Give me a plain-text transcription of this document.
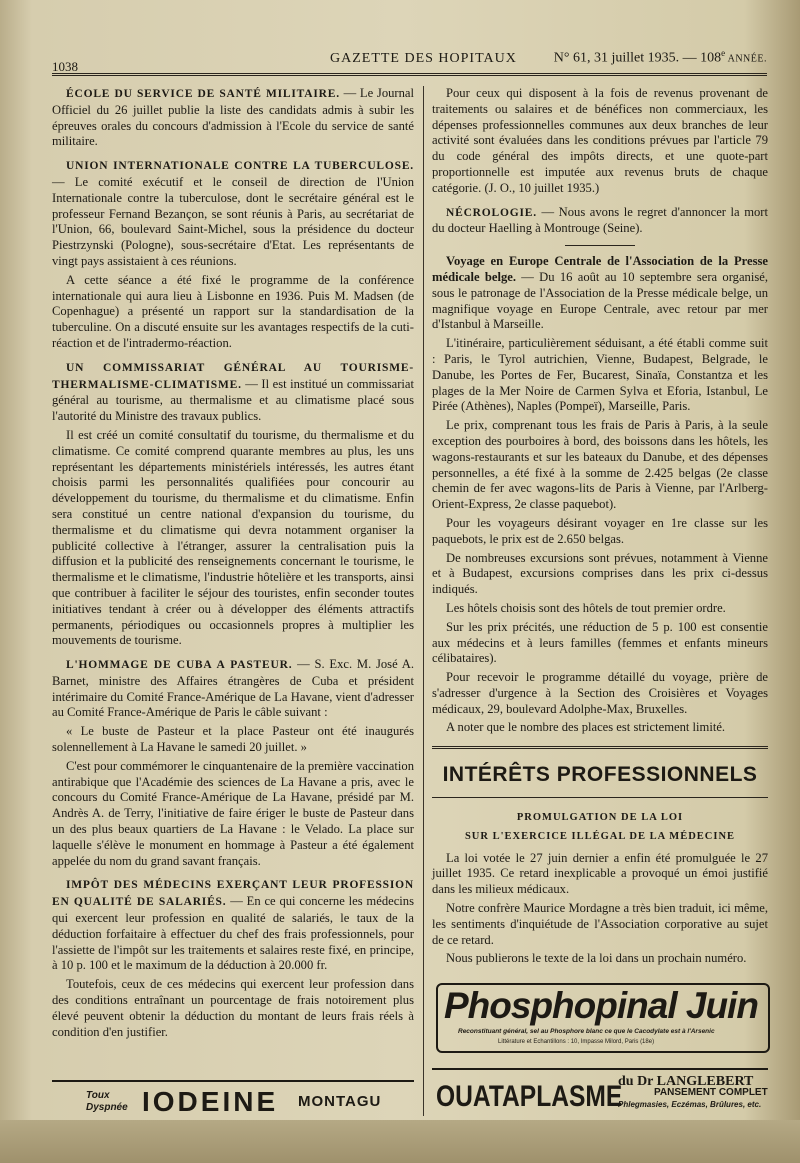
1038
GAZETTE DES HOPITAUX	N° 61, 31 juillet 1935. — 108e ANNÉE.

ÉCOLE DU SERVICE DE SANTÉ MILITAIRE. — Le Journal Officiel du 26 juillet publie la liste des candidats admis à subir les épreuves orales du concours d'admission à l'Ecole du service de santé militaire.

UNION INTERNATIONALE CONTRE LA TUBERCULOSE. — Le comité exécutif et le conseil de direction de l'Union Internationale contre la tuberculose, dont le secrétaire général est le professeur Fernand Bezançon, se sont réunis à Paris, au secrétariat de l'Union, 66, boulevard Saint-Michel, sous la présidence du docteur Piestrzynski (Pologne), sous-secrétaire d'Etat. Les représentants de vingt pays assistaient à ces réunions.

A cette séance a été fixé le programme de la conférence internationale qui aura lieu à Lisbonne en 1936. Puis M. Madsen (de Copenhague) a présenté un rapport sur la standardisation de la tuberculine. On a discuté ensuite sur les avantages respectifs de la cuti-réaction et de l'intradermo-réaction.

UN COMMISSARIAT GÉNÉRAL AU TOURISME-THERMALISME-CLIMATISME. — Il est institué un commissariat général au tourisme, au thermalisme et au climatisme placé sous l'autorité du Ministre des travaux publics.

Il est créé un comité consultatif du tourisme, du thermalisme et du climatisme. Ce comité comprend quarante membres au plus, les uns représentant les départements ministériels intéressés, les autres étant choisis parmi les personnalités qualifiées pour concourir au développement du tourisme, du thermalisme et du climatisme. Enfin sera constitué un centre national d'expansion du tourisme, du thermalisme et du climatisme qui devra notamment organiser la publicité collective à l'étranger, assurer la centralisation puis la diffusion et la publicité des renseignements concernant le tourisme, le thermalisme et le climatisme, l'industrie hôtelière et les transports, ainsi que contribuer à faciliter le séjour des touristes, enfin seconder toutes initiatives tendant à créer ou à développer des éléments attractifs permanents, périodiques ou occasionnels propres à multiplier les mouvements de tourisme.

L'HOMMAGE DE CUBA A PASTEUR. — S. Exc. M. José A. Barnet, ministre des Affaires étrangères de Cuba et président intérimaire du Comité France-Amérique de La Havane, vient d'adresser au Comité France-Amérique de Paris le câble suivant :

« Le buste de Pasteur et la place Pasteur ont été inaugurés solennellement à La Havane le samedi 20 juillet. »

C'est pour commémorer le cinquantenaire de la première vaccination antirabique que l'Académie des sciences de La Havane a pris, avec le concours du Comité France-Amérique de La Havane, présidé par M. Andrès A. de Terry, l'initiative de faire ériger le buste de Pasteur dans un des plus beaux quartiers de La Havane : le Velado. La place sur laquelle s'élève le monument en hommage à Pasteur a été également appelée du nom du grand savant français.

IMPÔT DES MÉDECINS EXERÇANT LEUR PROFESSION EN QUALITÉ DE SALARIÉS. — En ce qui concerne les médecins qui exercent leur profession en qualité de salariés, le taux de la déduction forfaitaire à effectuer du chef des frais professionnels, pour l'assiette de l'impôt sur les traitements et salaires reste fixé, en principe, à 10 p. 100 et le maximum de la déduction à 20.000 fr.

Toutefois, ceux de ces médecins qui exercent leur profession dans des conditions entraînant un pourcentage de frais notoirement plus élevé peuvent obtenir la déduction du montant de leurs frais réels à condition d'en justifier.

Pour ceux qui disposent à la fois de revenus provenant de traitements ou salaires et de bénéfices non commerciaux, les dépenses professionnelles communes aux deux branches de leur activité sont évaluées dans les conditions prévues par l'article 79 du code général des impôts directs, et une quote-part proportionnelle est imputée aux revenus bruts de chaque catégorie. (J. O., 10 juillet 1935.)

NÉCROLOGIE. — Nous avons le regret d'annoncer la mort du docteur Haelling à Montrouge (Seine).

Voyage en Europe Centrale de l'Association de la Presse médicale belge. — Du 16 août au 10 septembre sera organisé, sous le patronage de l'Association de la Presse médicale belge, un magnifique voyage en Europe Centrale, avec retour par mer d'Istanbul à Marseille.

L'itinéraire, particulièrement séduisant, a été établi comme suit : Paris, le Tyrol autrichien, Vienne, Budapest, Belgrade, le Danube, les Portes de Fer, Bucarest, Sinaïa, Constantza et les plages de la Mer Noire de Carmen Sylva et Eforia, Istanbul, Le Pirée (Athènes), Naples (Pompeï), Marseille, Paris.

Le prix, comprenant tous les frais de Paris à Paris, à la seule exception des pourboires à bord, des boissons dans les hôtels, les wagons-restaurants et sur les bateaux du Danube, et des dépenses personnelles, a été fixé à la somme de 2.425 belgas (2e classe chemin de fer avec wagons-lits de Paris à Vienne, par l'Arlberg-Orient-Express, 2e classe paquebot).

Pour les voyageurs désirant voyager en 1re classe sur les paquebots, le prix est de 2.650 belgas.

De nombreuses excursions sont prévues, notamment à Vienne et à Budapest, excursions comprises dans les prix ci-dessus indiqués.

Les hôtels choisis sont des hôtels de tout premier ordre.

Sur les prix précités, une réduction de 5 p. 100 est consentie aux médecins et à leurs familles (femmes et enfants mineurs célibataires).

Pour recevoir le programme détaillé du voyage, prière de s'adresser d'urgence à la Section des Croisières et Voyages médicaux, 29, boulevard Adolphe-Max, Bruxelles.

A noter que le nombre des places est strictement limité.

INTÉRÊTS PROFESSIONNELS

PROMULGATION DE LA LOI

SUR L'EXERCICE ILLÉGAL DE LA MÉDECINE

La loi votée le 27 juin dernier a enfin été promulguée le 27 juillet 1935. Ce retard inexplicable a provoqué un émoi justifié dans les milieux médicaux.

Notre confrère Maurice Mordagne a très bien traduit, ici même, les sentiments d'inquiétude de l'Association corporative au sujet de ce retard.

Nous publierons le texte de la loi dans un prochain numéro.

Phosphopinal Juin
Reconstituant général, sel au Phosphore blanc ce que le Cacodylate est à l'Arsenic
Littérature et Echantillons : 10, Impasse Milord, Paris (18e)
OUATAPLASME
du Dr LANGLEBERT
PANSEMENT COMPLET
Phlegmasies, Eczémas, Brûlures, etc.
Toux
Dyspnée IODEINE MONTAGU
